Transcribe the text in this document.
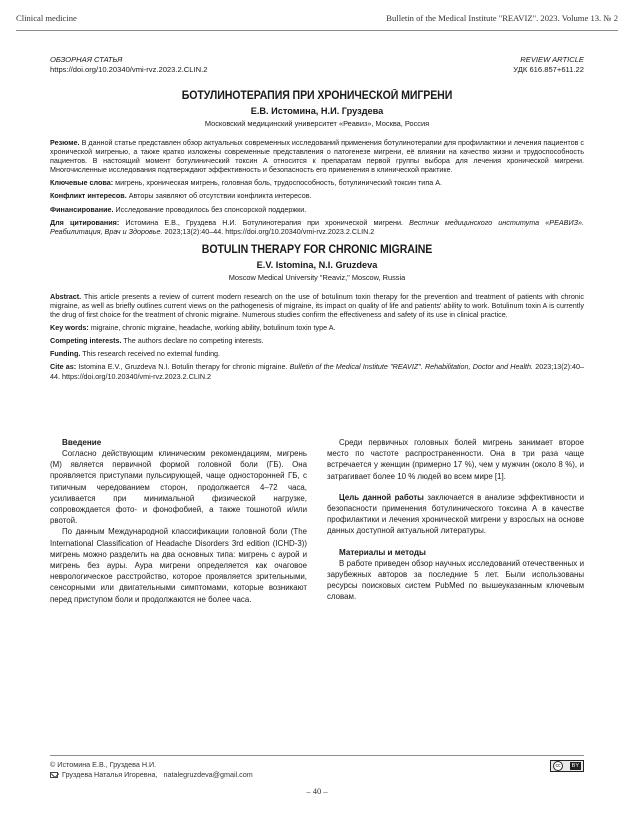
Clinical medicine	Bulletin of the Medical Institute "REAVIZ". 2023. Volume 13. № 2
ОБЗОРНАЯ СТАТЬЯ
https://doi.org/10.20340/vmi-rvz.2023.2.CLIN.2
REVIEW ARTICLE
УДК 616.857+611.22
БОТУЛИНОТЕРАПИЯ ПРИ ХРОНИЧЕСКОЙ МИГРЕНИ
Е.В. Истомина, Н.И. Груздева
Московский медицинский университет «Реавиз», Москва, Россия
Резюме. В данной статье представлен обзор актуальных современных исследований применения ботулинотерапии для профилактики и лечения пациентов с хронической мигренью, а также кратко изложены современные представления о патогенезе мигрени, её влиянии на качество жизни и трудоспособность пациентов. В настоящий момент ботулинический токсин А относится к препаратам первой группы выбора для лечения хронической мигрени. Многочисленные исследования подтверждают эффективность и безопасность его применения в клинической практике.
Ключевые слова: мигрень, хроническая мигрень, головная боль, трудоспособность, ботулинический токсин типа А.
Конфликт интересов. Авторы заявляют об отсутствии конфликта интересов.
Финансирование. Исследование проводилось без спонсорской поддержки.
Для цитирования: Истомина Е.В., Груздева Н.И. Ботулинотерапия при хронической мигрени. Вестник медицинского института «РЕАВИЗ». Реабилитация, Врач и Здоровье. 2023;13(2):40–44. https://doi.org/10.20340/vmi-rvz.2023.2.CLIN.2
BOTULIN THERAPY FOR CHRONIC MIGRAINE
E.V. Istomina, N.I. Gruzdeva
Moscow Medical University "Reaviz," Moscow, Russia
Abstract. This article presents a review of current modern research on the use of botulinum toxin therapy for the prevention and treatment of patients with chronic migraine, as well as briefly outlines current views on the pathogenesis of migraine, its impact on quality of life and patients' ability to work. Botulinum toxin A is currently the drug of first choice for the treatment of chronic migraine. Numerous studies confirm the effectiveness and safety of its use in clinical practice.
Key words: migraine, chronic migraine, headache, working ability, botulinum toxin type A.
Competing interests. The authors declare no competing interests.
Funding. This research received no external funding.
Cite as: Istomina E.V., Gruzdeva N.I. Botulin therapy for chronic migraine. Bulletin of the Medical Institute "REAVIZ". Rehabilitation, Doctor and Health. 2023;13(2):40–44. https://doi.org/10.20340/vmi-rvz.2023.2.CLIN.2
Введение

Согласно действующим клиническим рекомендациям, мигрень (М) является первичной формой головной боли (ГБ). Она проявляется приступами пульсирующей, чаще односторонней ГБ, с типичным чередованием сторон, продолжается 4–72 часа, усиливается при минимальной физической нагрузке, сопровождается фото- и фонофобией, а также тошнотой и/или рвотой.

По данным Международной классификации головной боли (The International Classification of Headache Disorders 3rd edition (ICHD-3)) мигрень можно разделить на два основных типа: мигрень с аурой и мигрень без ауры. Аура мигрени определяется как очаговое неврологическое расстройство, которое проявляется зрительными, сенсорными или двигательными симптомами, которые возникают перед приступом боли и продолжаются не более часа.

Среди первичных головных болей мигрень занимает второе место по частоте распространенности. Она в три раза чаще встречается у женщин (примерно 17 %), чем у мужчин (около 8 %), и затрагивает более 10 % людей во всем мире [1].

Цель данной работы заключается в анализе эффективности и безопасности применения ботулинического токсина А в качестве профилактики и лечения хронической мигрени у взрослых на основе данных доступной актуальной литературы.

Материалы и методы

В работе приведен обзор научных исследований отечественных и зарубежных авторов за последние 5 лет. Были использованы ресурсы поисковых систем PubMed по вышеуказанным ключевым словам.

© Истомина Е.В., Груздева Н.И.
Груздева Наталья Игоревна, natalegruzdeva@gmail.com
cc	BY
– 40 –
